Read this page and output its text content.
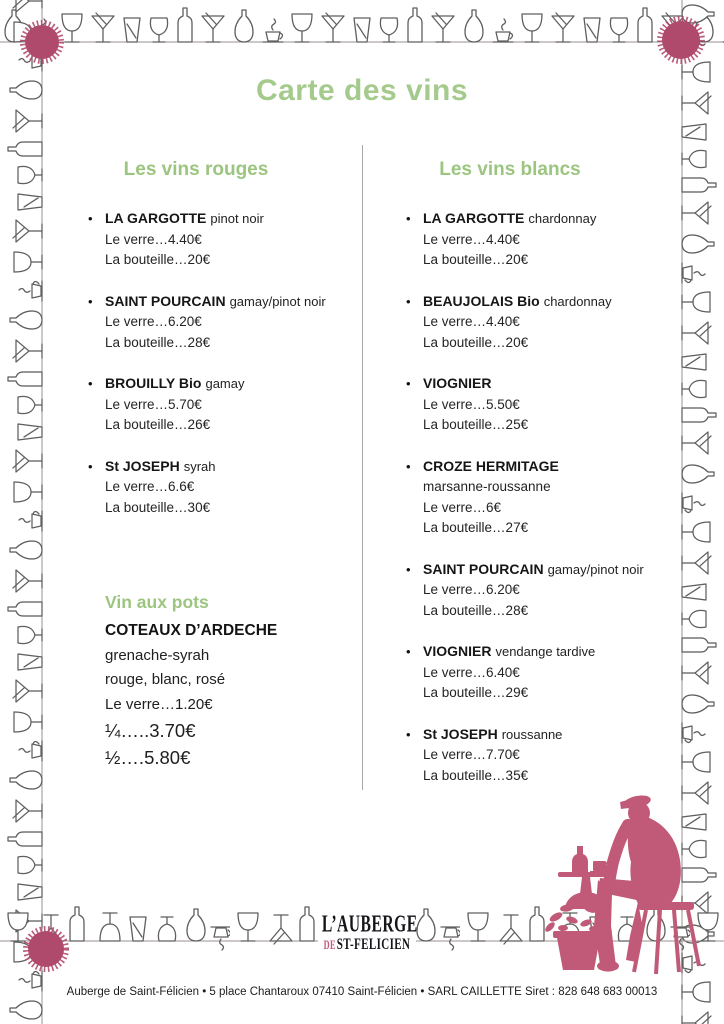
Carte des vins
Les vins rouges	Les vins blancs
• LA GARGOTTE pinot noir
Le verre…4.40€
La bouteille…20€
• SAINT POURCAIN gamay/pinot noir
Le verre…6.20€
La bouteille…28€
• BROUILLY Bio gamay
Le verre…5.70€
La bouteille…26€
• St JOSEPH syrah
Le verre…6.6€
La bouteille…30€
• LA GARGOTTE chardonnay
Le verre…4.40€
La bouteille…20€
• BEAUJOLAIS Bio chardonnay
Le verre…4.40€
La bouteille…20€
• VIOGNIER
Le verre…5.50€
La bouteille…25€
• CROZE HERMITAGE
marsanne-roussanne
Le verre…6€
La bouteille…27€
• SAINT POURCAIN gamay/pinot noir
Le verre…6.20€
La bouteille…28€
• VIOGNIER vendange tardive
Le verre…6.40€
La bouteille…29€
• St JOSEPH roussanne
Le verre…7.70€
La bouteille…35€
Vin aux pots
COTEAUX D’ARDECHE
grenache-syrah
rouge, blanc, rosé
Le verre…1.20€
¼…..3.70€
½….5.80€
L’AUBERGE
DEST-FELICIEN
Auberge de Saint-Félicien • 5 place Chantaroux 07410 Saint-Félicien • SARL CAILLETTE Siret : 828 648 683 00013
